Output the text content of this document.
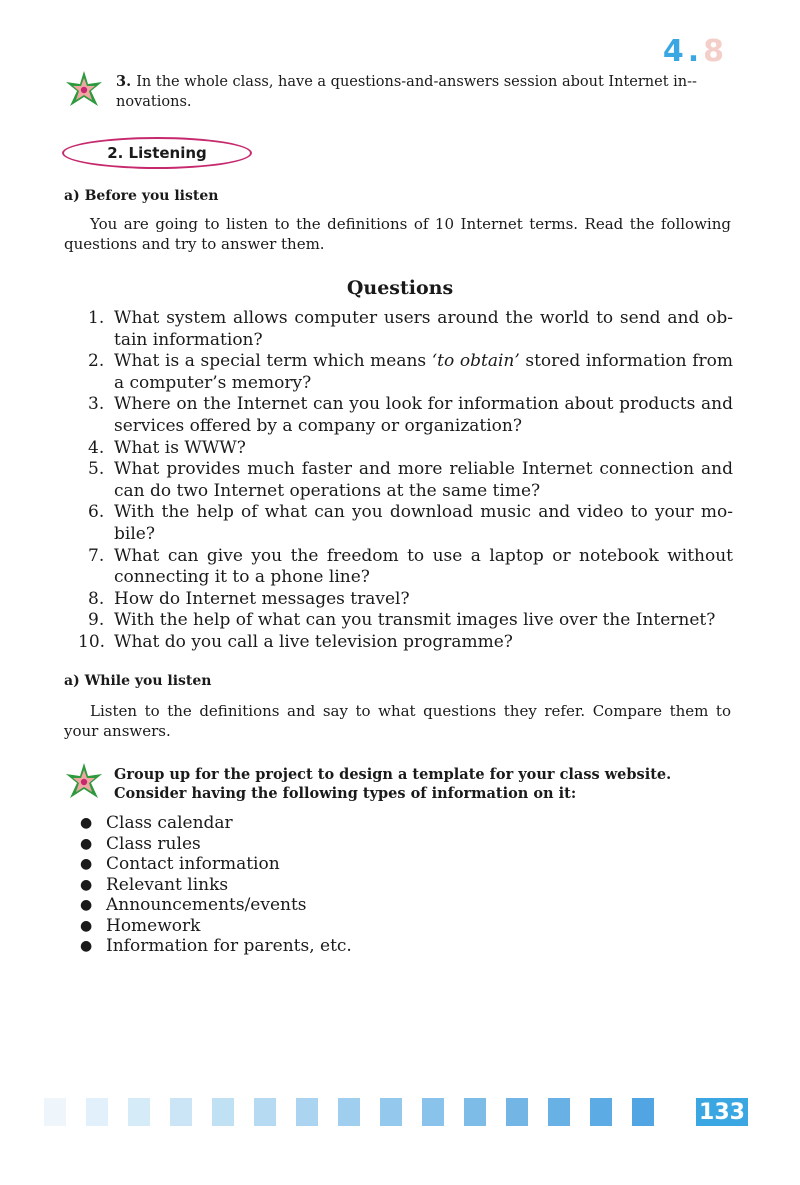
4.8
3. In the whole class, have a questions-and-answers session about Internet in-novations.
2. Listening
a) Before you listen
You are going to listen to the definitions of 10 Internet terms. Read the following questions and try to answer them.
Questions
1. What system allows computer users around the world to send and ob-tain information?
2. What is a special term which means ‘to obtain’ stored information from a computer’s memory?
3. Where on the Internet can you look for information about products and services offered by a company or organization?
4. What is WWW?
5. What provides much faster and more reliable Internet connection and can do two Internet operations at the same time?
6. With the help of what can you download music and video to your mo-bile?
7. What can give you the freedom to use a laptop or notebook without connecting it to a phone line?
8. How do Internet messages travel?
9. With the help of what can you transmit images live over the Internet?
10. What do you call a live television programme?
a) While you listen
Listen to the definitions and say to what questions they refer. Compare them to your answers.
Group up for the project to design a template for your class website. Consider having the following types of information on it:
● Class calendar
● Class rules
● Contact information
● Relevant links
● Announcements/events
● Homework
● Information for parents, etc.
133
